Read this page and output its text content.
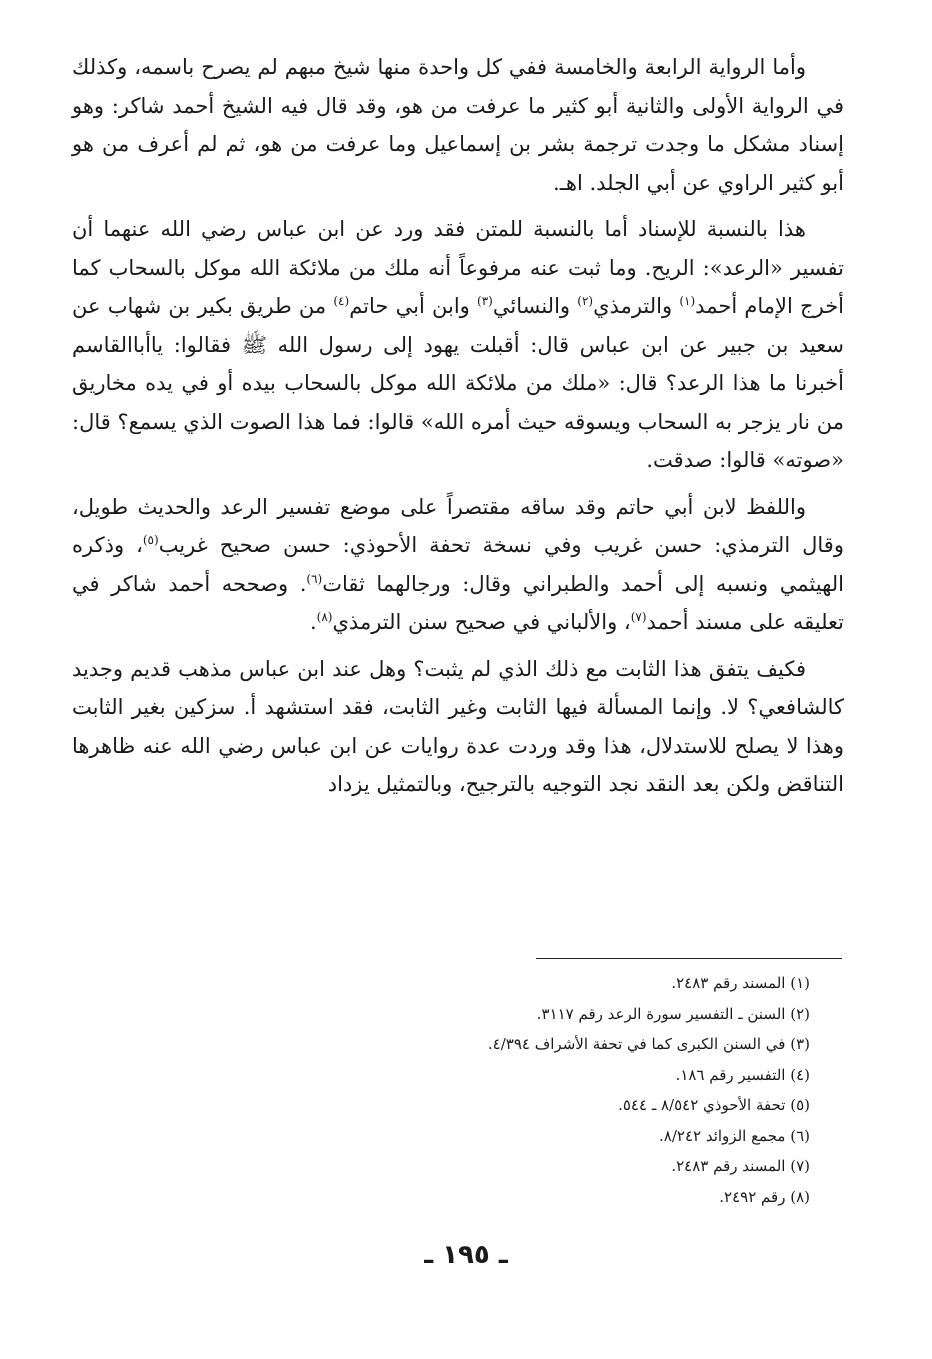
وأما الرواية الرابعة والخامسة ففي كل واحدة منها شيخ مبهم لم يصرح باسمه، وكذلك في الرواية الأولى والثانية أبو كثير ما عرفت من هو، وقد قال فيه الشيخ أحمد شاكر: وهو إسناد مشكل ما وجدت ترجمة بشر بن إسماعيل وما عرفت من هو، ثم لم أعرف من هو أبو كثير الراوي عن أبي الجلد. اهـ.

هذا بالنسبة للإسناد أما بالنسبة للمتن فقد ورد عن ابن عباس رضي الله عنهما أن تفسير «الرعد»: الريح. وما ثبت عنه مرفوعاً أنه ملك من ملائكة الله موكل بالسحاب كما أخرج الإمام أحمد$^{(١)}$ والترمذي$^{(٢)}$ والنسائي$^{(٣)}$ وابن أبي حاتم$^{(٤)}$ من طريق بكير بن شهاب عن سعيد بن جبير عن ابن عباس قال: أقبلت يهود إلى رسول الله ﷺ فقالوا: ياأباالقاسم أخبرنا ما هذا الرعد؟ قال: «ملك من ملائكة الله موكل بالسحاب بيده أو في يده مخاريق من نار يزجر به السحاب ويسوقه حيث أمره الله» قالوا: فما هذا الصوت الذي يسمع؟ قال: «صوته» قالوا: صدقت.

واللفظ لابن أبي حاتم وقد ساقه مقتصراً على موضع تفسير الرعد والحديث طويل، وقال الترمذي: حسن غريب وفي نسخة تحفة الأحوذي: حسن صحيح غريب$^{(٥)}$، وذكره الهيثمي ونسبه إلى أحمد والطبراني وقال: ورجالهما ثقات$^{(٦)}$. وصححه أحمد شاكر في تعليقه على مسند أحمد$^{(٧)}$، والألباني في صحيح سنن الترمذي$^{(٨)}$.

فكيف يتفق هذا الثابت مع ذلك الذي لم يثبت؟ وهل عند ابن عباس مذهب قديم وجديد كالشافعي؟ لا. وإنما المسألة فيها الثابت وغير الثابت، فقد استشهد أ. سزكين بغير الثابت وهذا لا يصلح للاستدلال، هذا وقد وردت عدة روايات عن ابن عباس رضي الله عنه ظاهرها التناقض ولكن بعد النقد نجد التوجيه بالترجيح، وبالتمثيل يزداد

(١) المسند رقم ٢٤٨٣.
(٢) السنن ـ التفسير سورة الرعد رقم ٣١١٧.
(٣) في السنن الكبرى كما في تحفة الأشراف ٤/٣٩٤.
(٤) التفسير رقم ١٨٦.
(٥) تحفة الأحوذي ٨/٥٤٢ ـ ٥٤٤.
(٦) مجمع الزوائد ٨/٢٤٢.
(٧) المسند رقم ٢٤٨٣.
(٨) رقم ٢٤٩٢.
ـ ١٩٥ ـ
